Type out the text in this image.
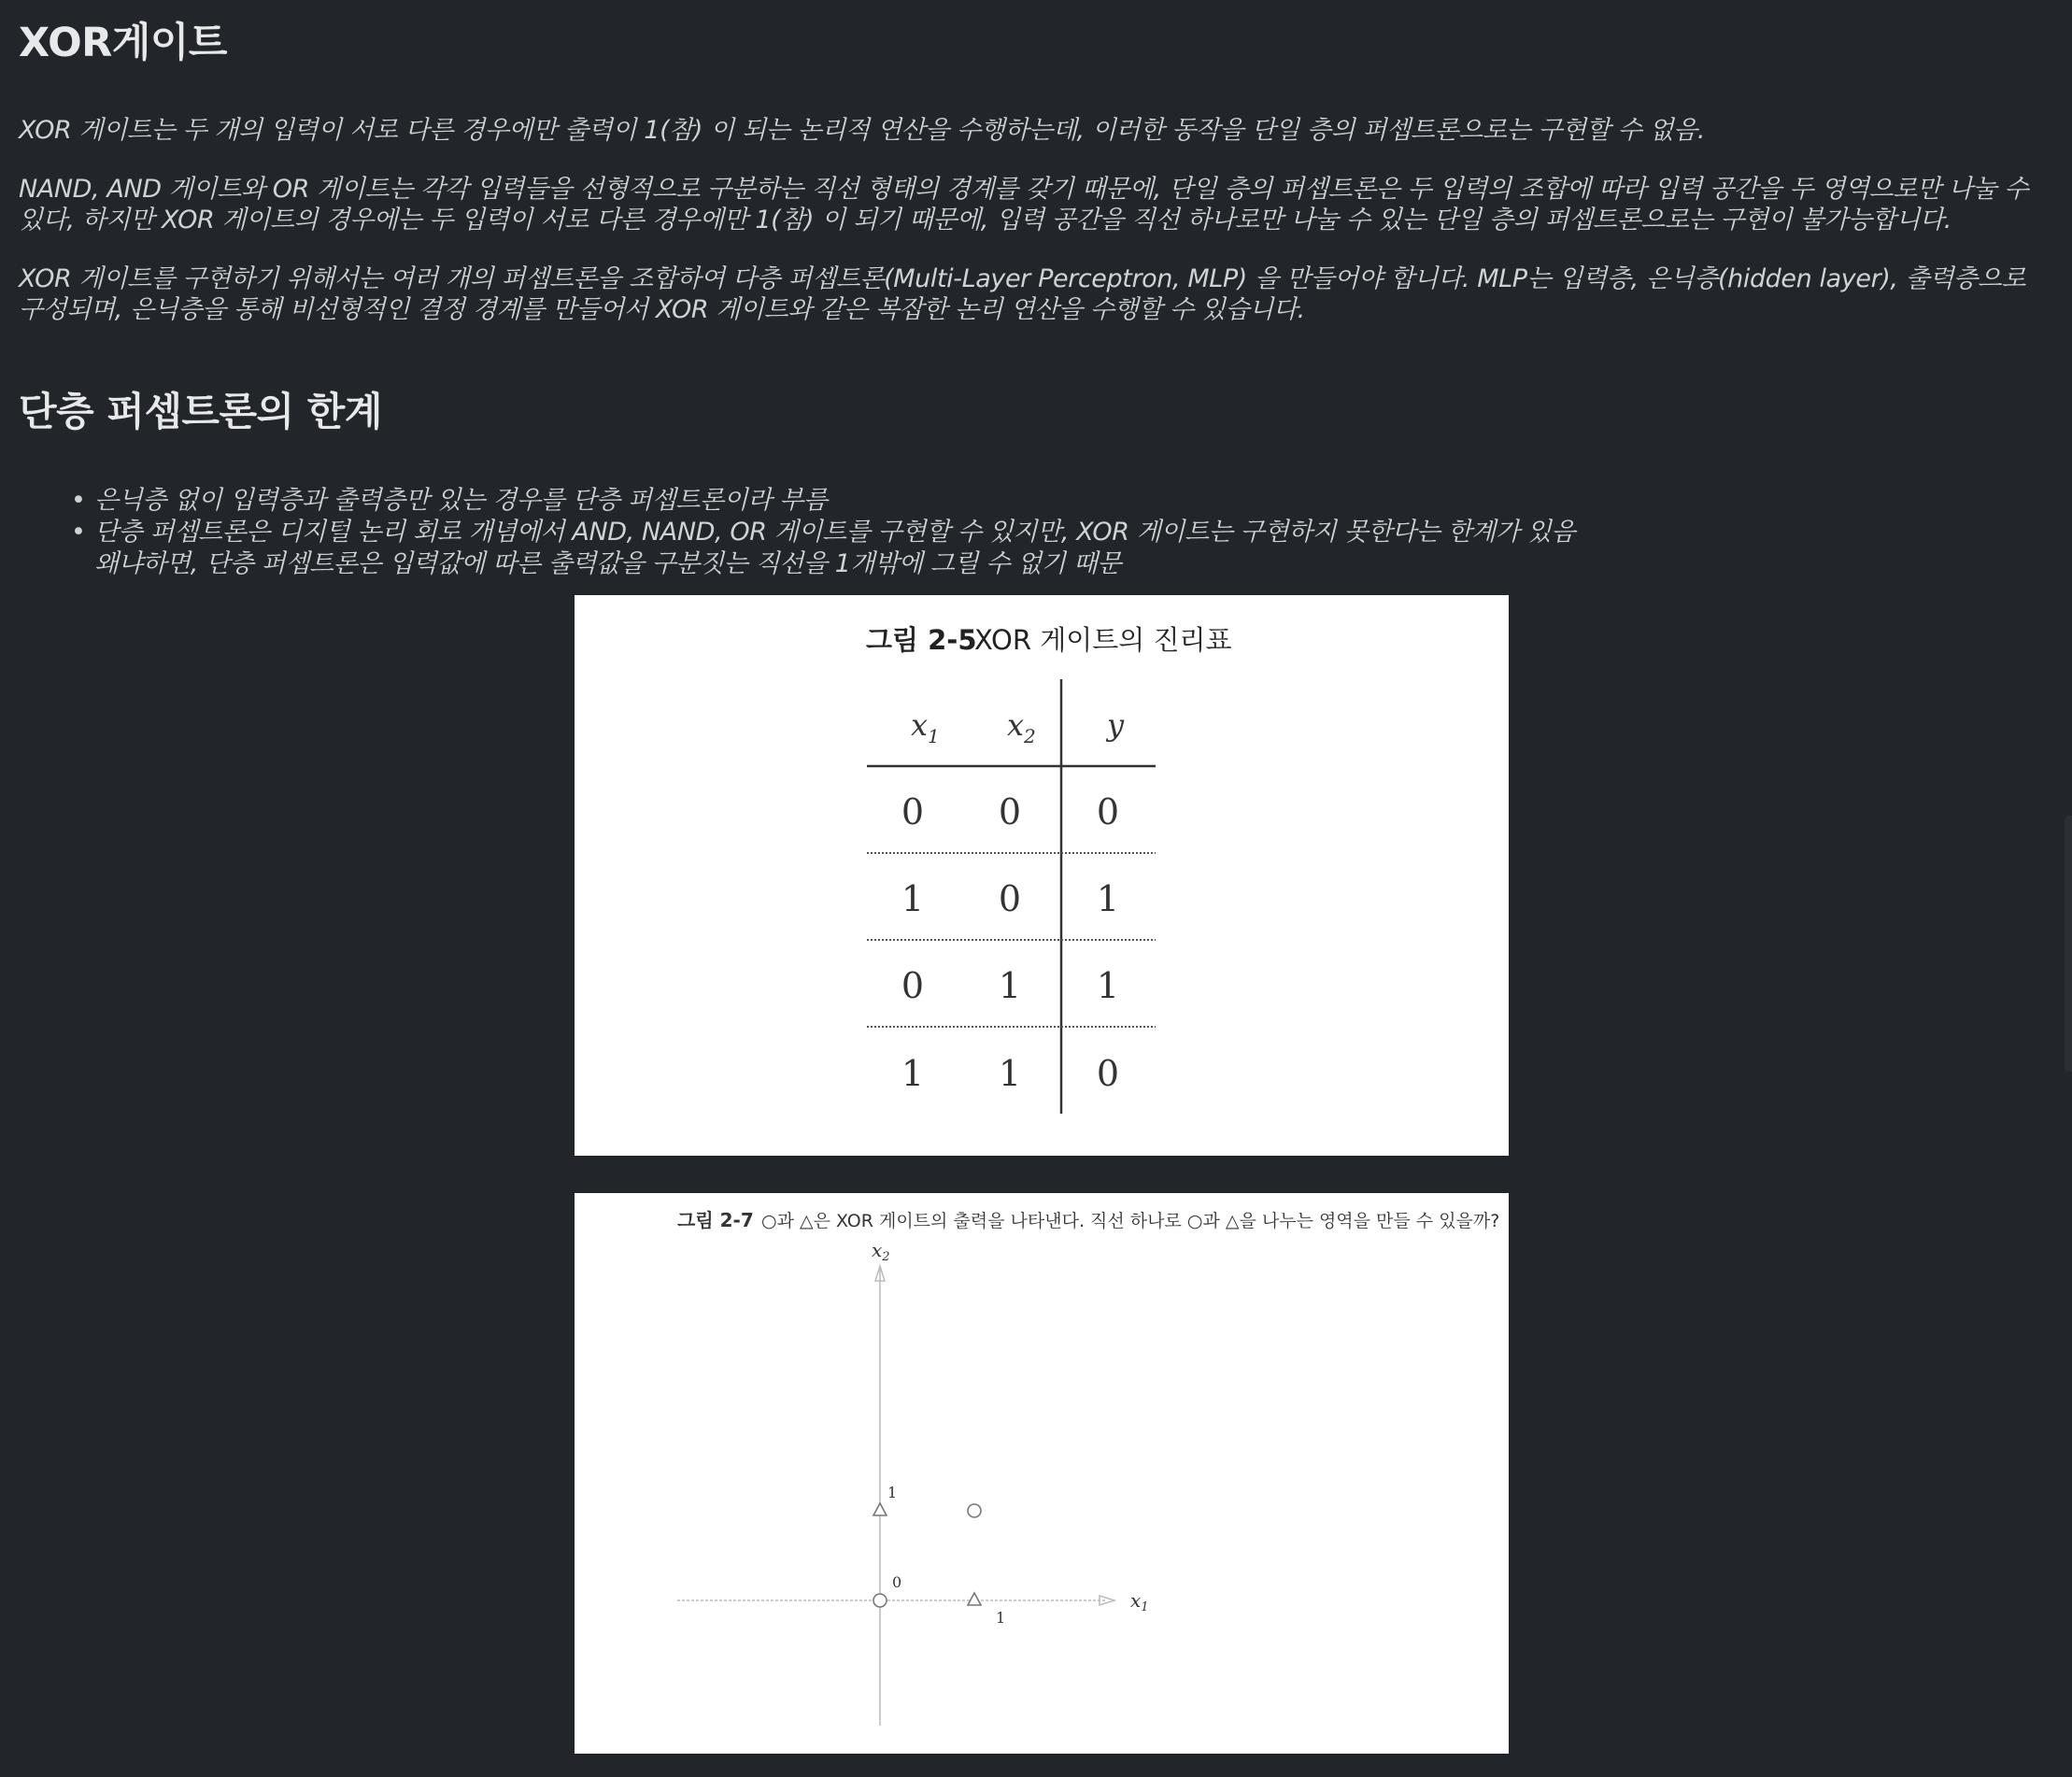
XOR게이트

XOR 게이트는 두 개의 입력이 서로 다른 경우에만 출력이 1(참) 이 되는 논리적 연산을 수행하는데, 이러한 동작을 단일 층의 퍼셉트론으로는 구현할 수 없음.

NAND, AND 게이트와 OR 게이트는 각각 입력들을 선형적으로 구분하는 직선 형태의 경계를 갖기 때문에, 단일 층의 퍼셉트론은 두 입력의 조합에 따라 입력 공간을 두 영역으로만 나눌 수 있다, 하지만 XOR 게이트의 경우에는 두 입력이 서로 다른 경우에만 1(참) 이 되기 때문에, 입력 공간을 직선 하나로만 나눌 수 있는 단일 층의 퍼셉트론으로는 구현이 불가능합니다.

XOR 게이트를 구현하기 위해서는 여러 개의 퍼셉트론을 조합하여 다층 퍼셉트론(Multi-Layer Perceptron, MLP) 을 만들어야 합니다. MLP는 입력층, 은닉층(hidden layer), 출력층으로 구성되며, 은닉층을 통해 비선형적인 결정 경계를 만들어서 XOR 게이트와 같은 복잡한 논리 연산을 수행할 수 있습니다.

단층 퍼셉트론의 한계
• 은닉층 없이 입력층과 출력층만 있는 경우를 단층 퍼셉트론이라 부름
• 단층 퍼셉트론은 디지털 논리 회로 개념에서 AND, NAND, OR 게이트를 구현할 수 있지만, XOR 게이트는 구현하지 못한다는 한계가 있음
왜냐하면, 단층 퍼셉트론은 입력값에 따른 출력값을 구분짓는 직선을 1개밖에 그릴 수 없기 때문
그림 2-5
XOR 게이트의 진리표
$x_1$ $x_2$ y
0 0 0
1 0 1
0 1 1
1 1 0
그림 2-7 ○과 △은 XOR 게이트의 출력을 나타낸다. 직선 하나로 ○과 △을 나누는 영역을 만들 수 있을까?
$x_2$
$x_1$
0
1
1
